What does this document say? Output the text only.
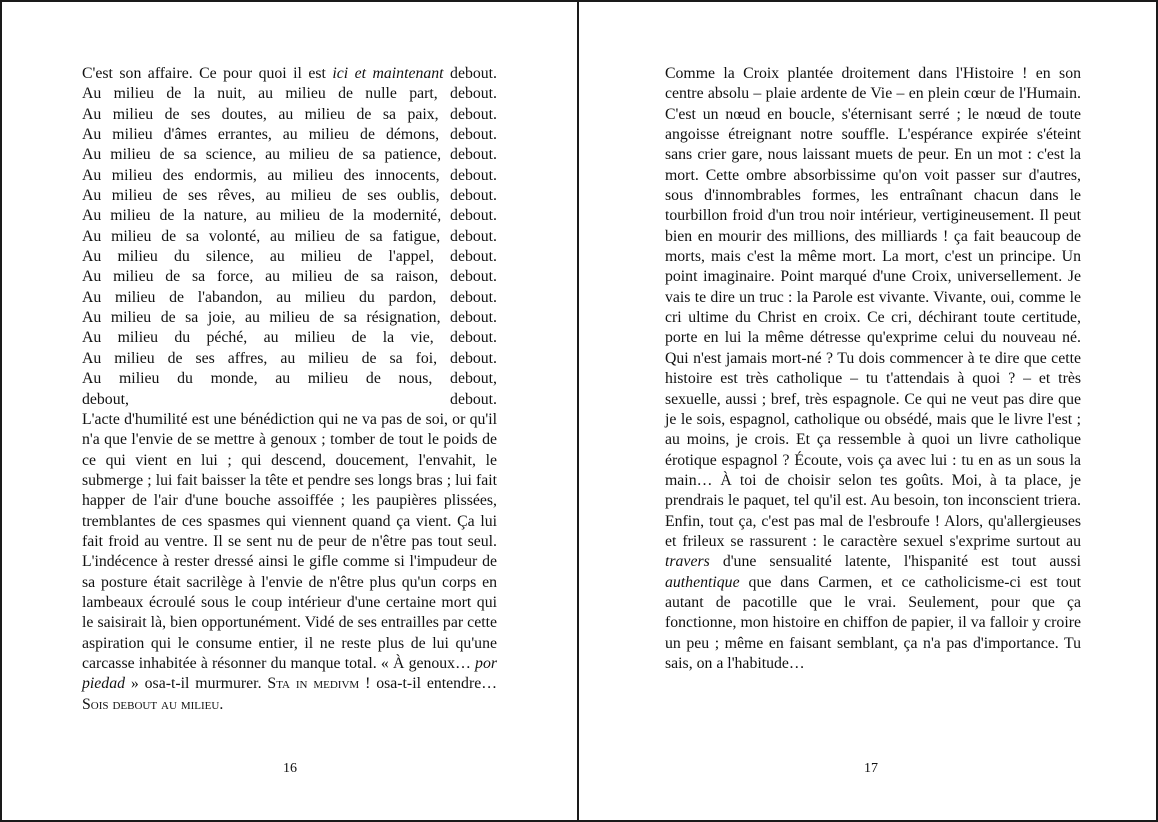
C'est son affaire. Ce pour quoi il est ici et maintenant debout.

Au milieu de la nuit, au milieu de nulle part, debout.

Au milieu de ses doutes, au milieu de sa paix, debout.

Au milieu d'âmes errantes, au milieu de démons, debout.

Au milieu de sa science, au milieu de sa patience, debout.

Au milieu des endormis, au milieu des innocents, debout.

Au milieu de ses rêves, au milieu de ses oublis, debout.

Au milieu de la nature, au milieu de la modernité, debout.

Au milieu de sa volonté, au milieu de sa fatigue, debout.

Au milieu du silence, au milieu de l'appel, debout.

Au milieu de sa force, au milieu de sa raison, debout.

Au milieu de l'abandon, au milieu du pardon, debout.

Au milieu de sa joie, au milieu de sa résignation, debout.

Au milieu du péché, au milieu de la vie, debout.

Au milieu de ses affres, au milieu de sa foi, debout.

Au milieu du monde, au milieu de nous, debout,

debout,	debout.

L'acte d'humilité est une bénédiction qui ne va pas de soi, or qu'il n'a que l'envie de se mettre à genoux ; tomber de tout le poids de ce qui vient en lui ; qui descend, doucement, l'envahit, le submerge ; lui fait baisser la tête et pendre ses longs bras ; lui fait happer de l'air d'une bouche assoiffée ; les paupières plissées, tremblantes de ces spasmes qui viennent quand ça vient. Ça lui fait froid au ventre. Il se sent nu de peur de n'être pas tout seul. L'indécence à rester dressé ainsi le gifle comme si l'impudeur de sa posture était sacrilège à l'envie de n'être plus qu'un corps en lambeaux écroulé sous le coup intérieur d'une certaine mort qui le saisirait là, bien opportunément. Vidé de ses entrailles par cette aspiration qui le consume entier, il ne reste plus de lui qu'une carcasse inhabitée à résonner du manque total. « À genoux… por piedad » osa-t-il murmurer. Sta in medivm ! osa-t-il entendre… Sois debout au milieu.

16

Comme la Croix plantée droitement dans l'Histoire ! en son centre absolu – plaie ardente de Vie – en plein cœur de l'Humain. C'est un nœud en boucle, s'éternisant serré ; le nœud de toute angoisse étreignant notre souffle. L'espérance expirée s'éteint sans crier gare, nous laissant muets de peur. En un mot : c'est la mort. Cette ombre absorbissime qu'on voit passer sur d'autres, sous d'innombrables formes, les entraînant chacun dans le tourbillon froid d'un trou noir intérieur, vertigineusement. Il peut bien en mourir des millions, des milliards ! ça fait beaucoup de morts, mais c'est la même mort. La mort, c'est un principe. Un point imaginaire. Point marqué d'une Croix, universellement. Je vais te dire un truc : la Parole est vivante. Vivante, oui, comme le cri ultime du Christ en croix. Ce cri, déchirant toute certitude, porte en lui la même détresse qu'exprime celui du nouveau né. Qui n'est jamais mort-né ? Tu dois commencer à te dire que cette histoire est très catholique – tu t'attendais à quoi ? – et très sexuelle, aussi ; bref, très espagnole. Ce qui ne veut pas dire que je le sois, espagnol, catholique ou obsédé, mais que le livre l'est ; au moins, je crois. Et ça ressemble à quoi un livre catholique érotique espagnol ? Écoute, vois ça avec lui : tu en as un sous la main… À toi de choisir selon tes goûts. Moi, à ta place, je prendrais le paquet, tel qu'il est. Au besoin, ton inconscient triera. Enfin, tout ça, c'est pas mal de l'esbroufe ! Alors, qu'allergieuses et frileux se rassurent : le caractère sexuel s'exprime surtout au travers d'une sensualité latente, l'hispanité est tout aussi authentique que dans Carmen, et ce catholicisme-ci est tout autant de pacotille que le vrai. Seulement, pour que ça fonctionne, mon histoire en chiffon de papier, il va falloir y croire un peu ; même en faisant semblant, ça n'a pas d'importance. Tu sais, on a l'habitude…

17
